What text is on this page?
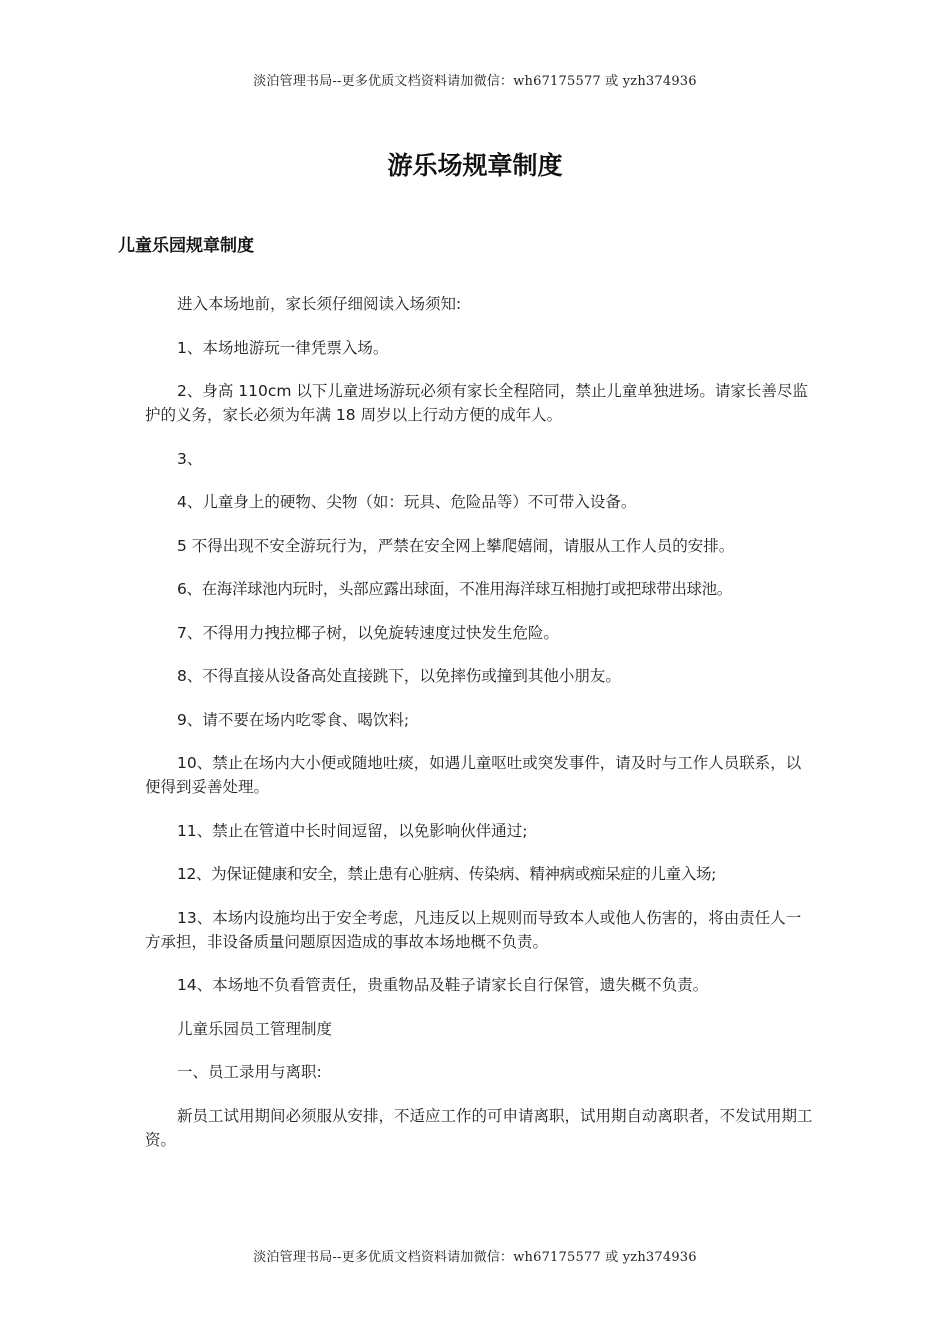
淡泊管理书局--更多优质文档资料请加微信：wh67175577 或 yzh374936
游乐场规章制度
儿童乐园规章制度

进入本场地前，家长须仔细阅读入场须知:

1、本场地游玩一律凭票入场。

2、身高 110cm 以下儿童进场游玩必须有家长全程陪同，禁止儿童单独进场。请家长善尽监护的义务，家长必须为年满 18 周岁以上行动方便的成年人。

3、

4、儿童身上的硬物、尖物（如：玩具、危险品等）不可带入设备。

5 不得出现不安全游玩行为，严禁在安全网上攀爬嬉闹，请服从工作人员的安排。

6、在海洋球池内玩时，头部应露出球面，不准用海洋球互相抛打或把球带出球池。

7、不得用力拽拉椰子树，以免旋转速度过快发生危险。

8、不得直接从设备高处直接跳下，以免摔伤或撞到其他小朋友。

9、请不要在场内吃零食、喝饮料;

10、禁止在场内大小便或随地吐痰，如遇儿童呕吐或突发事件，请及时与工作人员联系，以便得到妥善处理。

11、禁止在管道中长时间逗留，以免影响伙伴通过;

12、为保证健康和安全，禁止患有心脏病、传染病、精神病或痴呆症的儿童入场;

13、本场内设施均出于安全考虑，凡违反以上规则而导致本人或他人伤害的，将由责任人一方承担，非设备质量问题原因造成的事故本场地概不负责。

14、本场地不负看管责任，贵重物品及鞋子请家长自行保管，遗失概不负责。

儿童乐园员工管理制度

一、员工录用与离职:

新员工试用期间必须服从安排，不适应工作的可申请离职，试用期自动离职者，不发试用期工资。

淡泊管理书局--更多优质文档资料请加微信：wh67175577 或 yzh374936
